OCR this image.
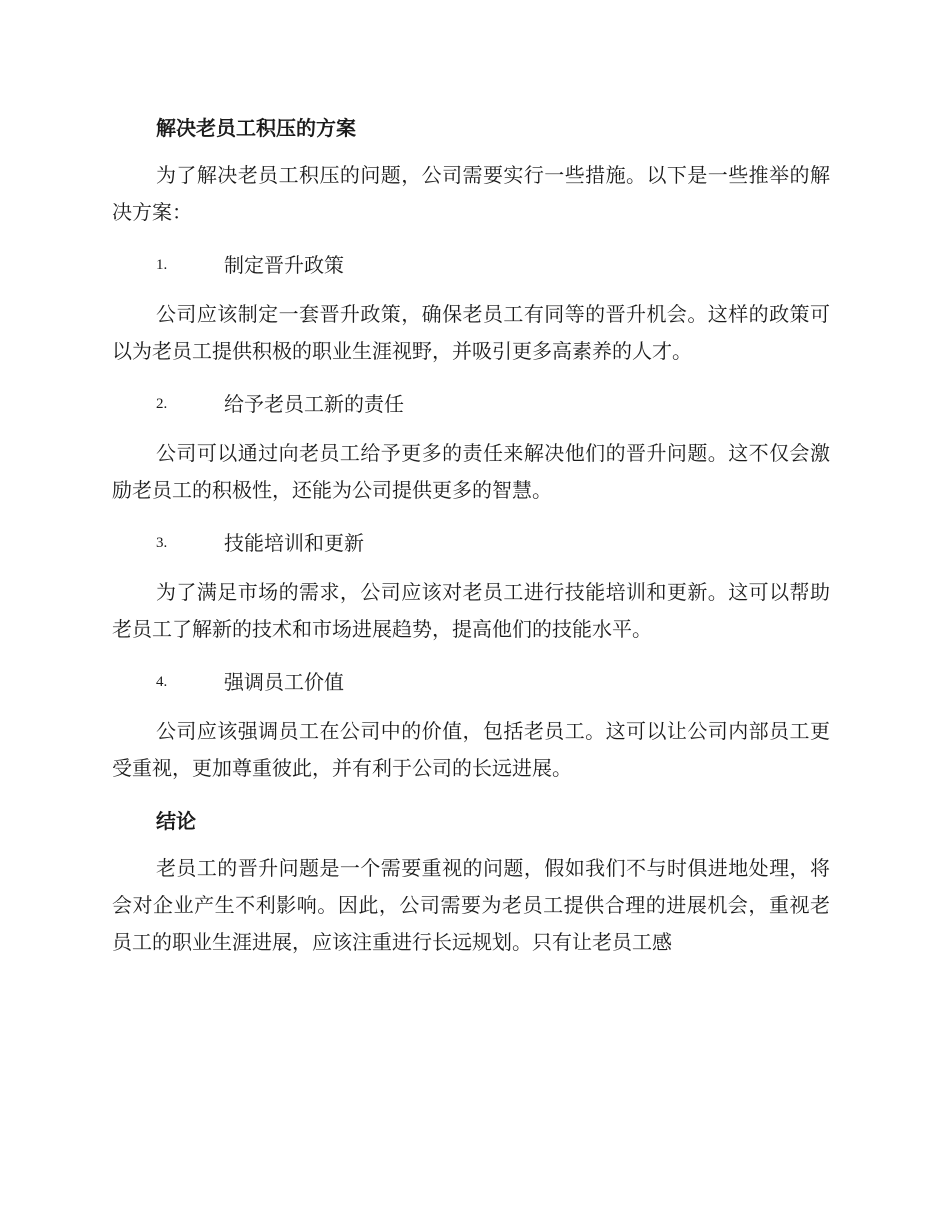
解决老员工积压的方案
为了解决老员工积压的问题，公司需要实行一些措施。以下是一些推举的解决方案：
1.	制定晋升政策
公司应该制定一套晋升政策，确保老员工有同等的晋升机会。这样的政策可以为老员工提供积极的职业生涯视野，并吸引更多高素养的人才。
2.	给予老员工新的责任
公司可以通过向老员工给予更多的责任来解决他们的晋升问题。这不仅会激励老员工的积极性，还能为公司提供更多的智慧。
3.	技能培训和更新
为了满足市场的需求，公司应该对老员工进行技能培训和更新。这可以帮助老员工了解新的技术和市场进展趋势，提高他们的技能水平。
4.	强调员工价值
公司应该强调员工在公司中的价值，包括老员工。这可以让公司内部员工更受重视，更加尊重彼此，并有利于公司的长远进展。
结论
老员工的晋升问题是一个需要重视的问题，假如我们不与时俱进地处理，将会对企业产生不利影响。因此，公司需要为老员工提供合理的进展机会，重视老员工的职业生涯进展，应该注重进行长远规划。只有让老员工感
